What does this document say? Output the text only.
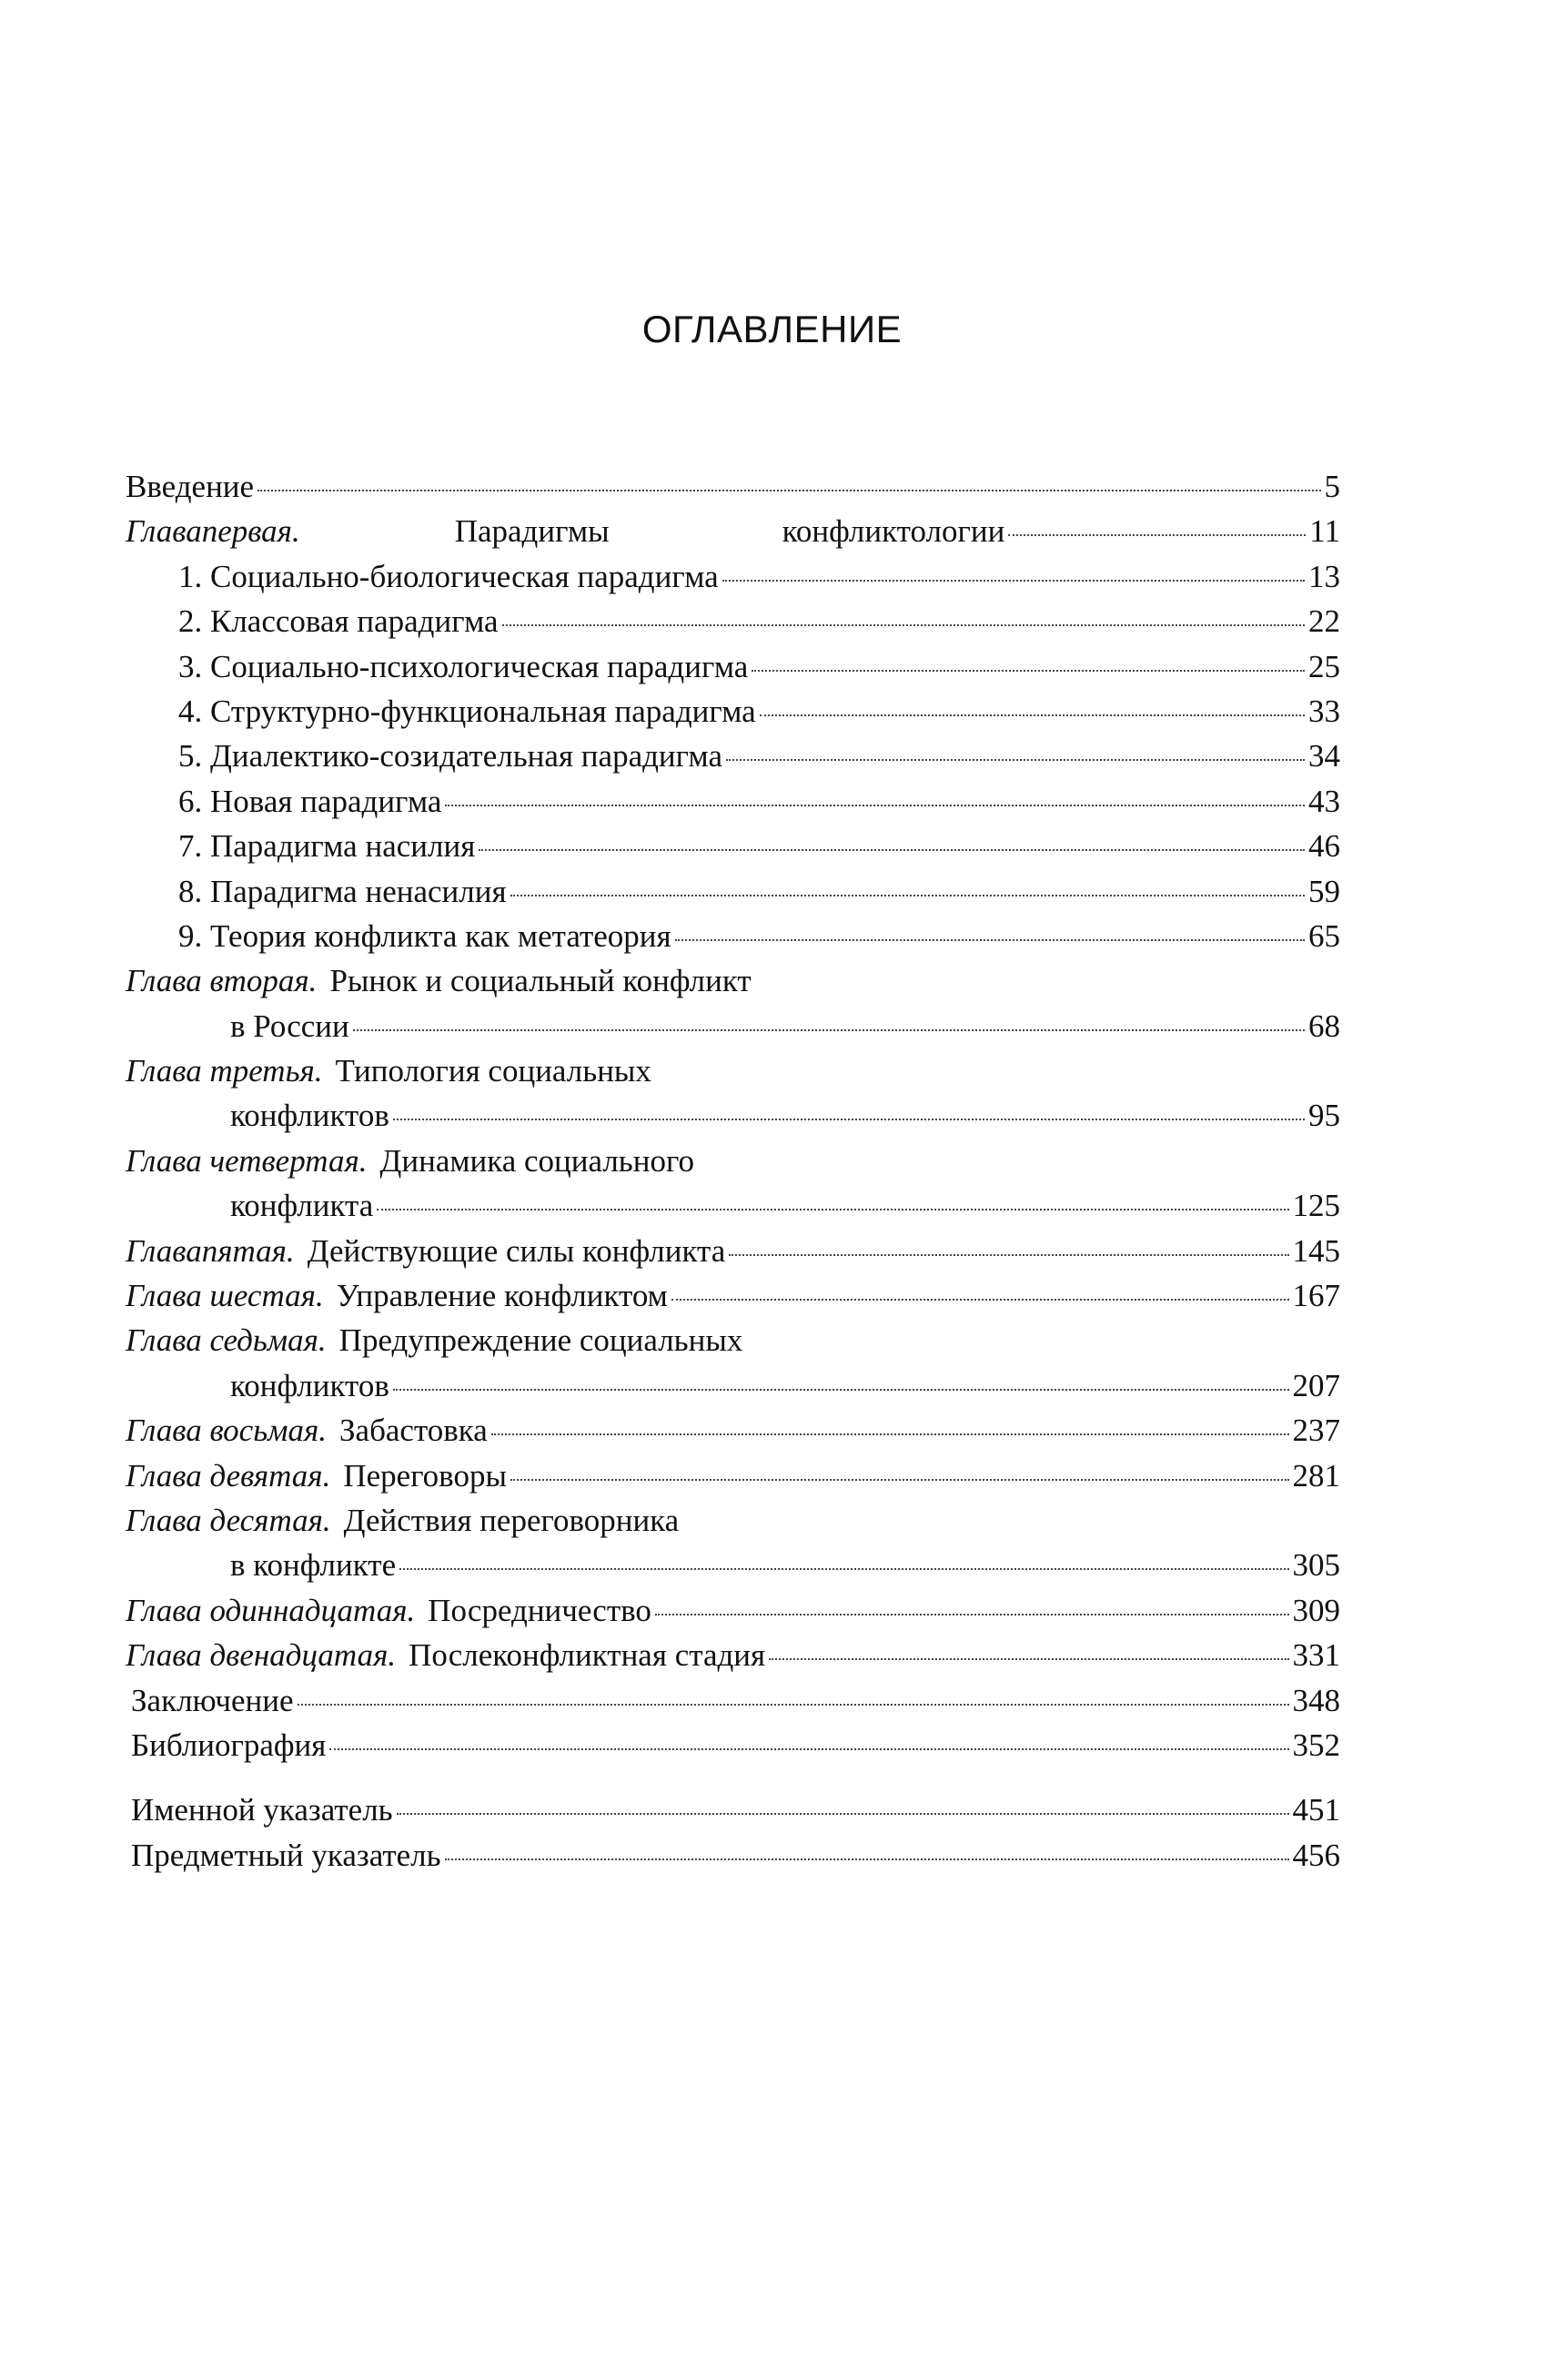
ОГЛАВЛЕНИЕ
Введение	5
Главапервая.	Парадигмы	конфликтологии	11
1. Социально-биологическая парадигма	13
2. Классовая парадигма	22
3. Социально-психологическая парадигма	25
4. Структурно-функциональная парадигма	33
5. Диалектико-созидательная парадигма	34
6. Новая парадигма	43
7. Парадигма насилия	46
8. Парадигма ненасилия	59
9. Теория конфликта как метатеория	65
Глава вторая. Рынок и социальный конфликт
в России	68
Глава третья. Типология социальных
конфликтов	95
Глава четвертая. Динамика социального
конфликта	125
Главапятая. Действующие силы конфликта	145
Глава шестая. Управление конфликтом	167
Глава седьмая. Предупреждение социальных
конфликтов	207
Глава восьмая. Забастовка	237
Глава девятая. Переговоры	281
Глава десятая. Действия переговорника
в конфликте	305
Глава одиннадцатая. Посредничество	309
Глава двенадцатая. Послеконфликтная стадия	331
Заключение	348
Библиография	352
Именной указатель	451
Предметный указатель	456
